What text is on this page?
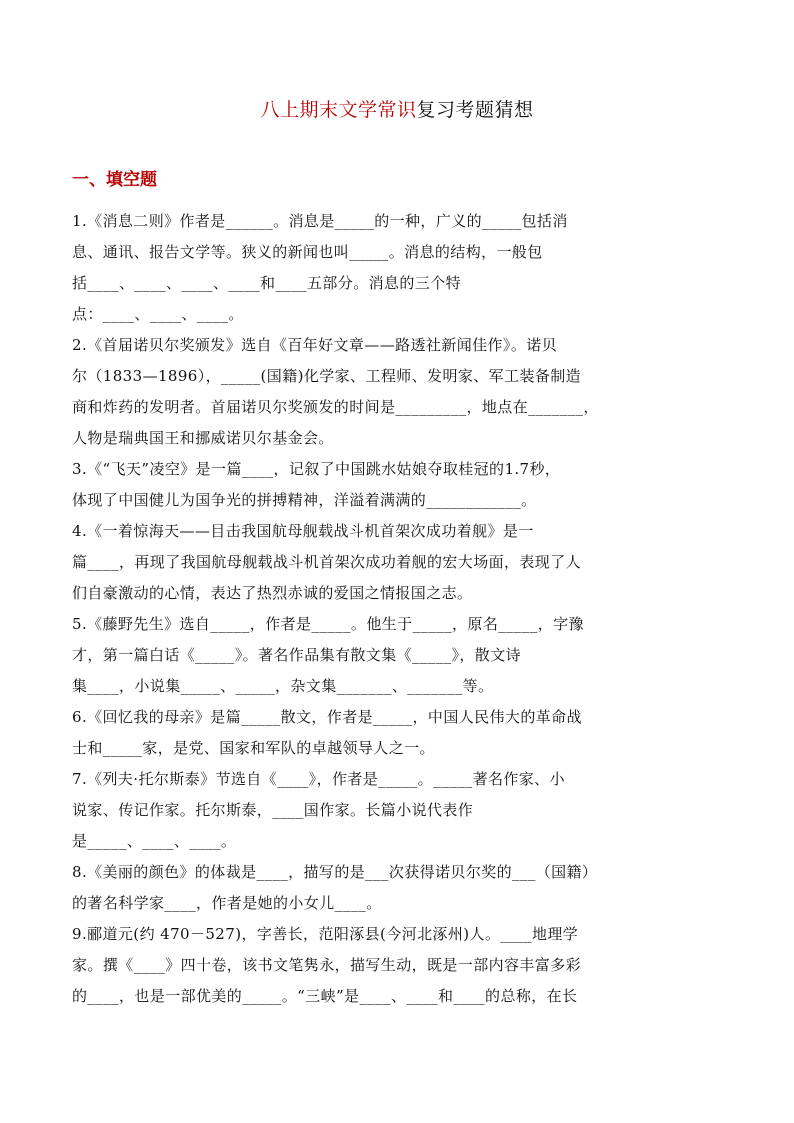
八上期末文学常识复习考题猜想
一、填空题

1.《消息二则》作者是______。消息是_____的一种，广义的_____包括消

息、通讯、报告文学等。狭义的新闻也叫_____。消息的结构，一般包

括____、____、____、____和____五部分。消息的三个特

点：____、____、____。

2.《首届诺贝尔奖颁发》选自《百年好文章——路透社新闻佳作》。诺贝

尔（1833—1896），_____(国籍)化学家、工程师、发明家、军工装备制造

商和炸药的发明者。首届诺贝尔奖颁发的时间是_________，地点在_______，

人物是瑞典国王和挪威诺贝尔基金会。

3.《“飞天”凌空》是一篇____，记叙了中国跳水姑娘夺取桂冠的1.7秒，

体现了中国健儿为国争光的拼搏精神，洋溢着满满的____________。

4.《一着惊海天——目击我国航母舰载战斗机首架次成功着舰》是一

篇____，再现了我国航母舰载战斗机首架次成功着舰的宏大场面，表现了人

们自豪激动的心情，表达了热烈赤诚的爱国之情报国之志。

5.《藤野先生》选自_____，作者是_____。他生于_____，原名_____，字豫

才，第一篇白话《_____》。著名作品集有散文集《_____》，散文诗

集____，小说集_____、_____，杂文集_______、_______等。

6.《回忆我的母亲》是篇_____散文，作者是_____，中国人民伟大的革命战

士和_____家，是党、国家和军队的卓越领导人之一。

7.《列夫·托尔斯泰》节选自《____》，作者是_____。_____著名作家、小

说家、传记作家。托尔斯泰，____国作家。长篇小说代表作

是_____、____、____。

8.《美丽的颜色》的体裁是____，描写的是___次获得诺贝尔奖的___（国籍）

的著名科学家____，作者是她的小女儿____。

9.郦道元(约 470－527)，字善长，范阳涿县(今河北涿州)人。____地理学

家。撰《____》四十卷，该书文笔隽永，描写生动，既是一部内容丰富多彩

的____，也是一部优美的_____。“三峡”是____、____和____的总称，在长
